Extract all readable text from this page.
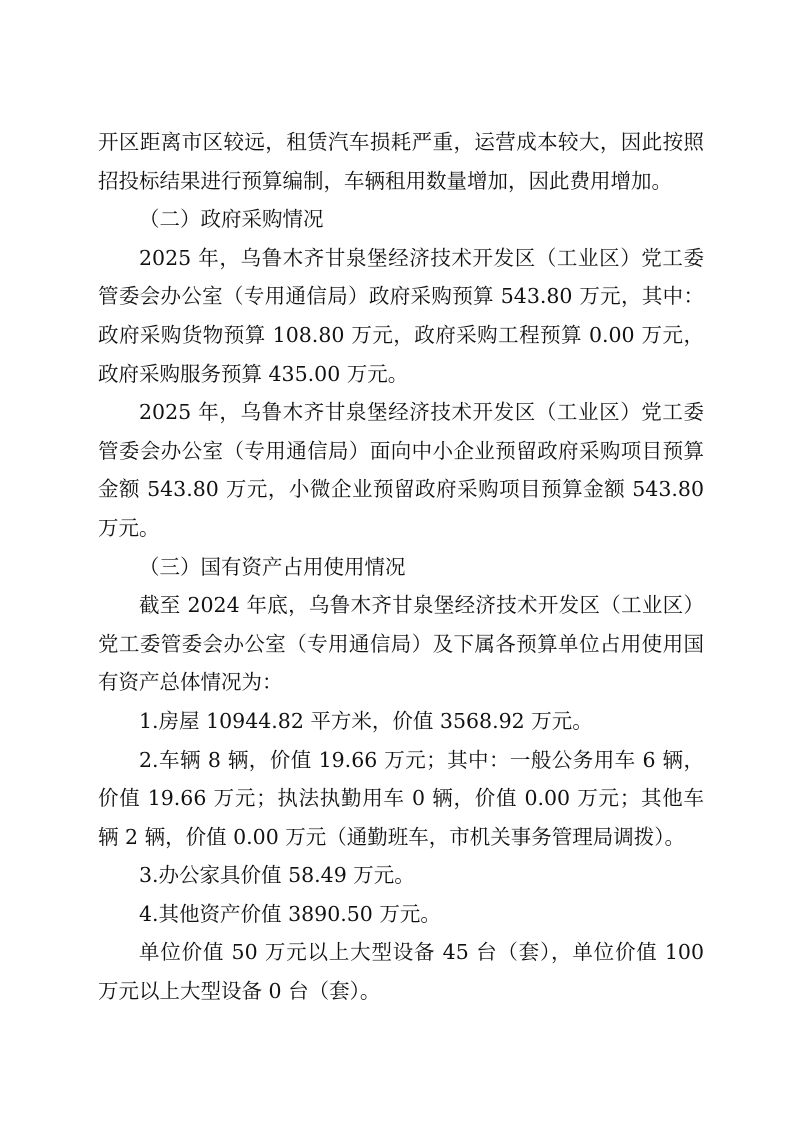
开区距离市区较远，租赁汽车损耗严重，运营成本较大，因此按照招投标结果进行预算编制，车辆租用数量增加，因此费用增加。

（二）政府采购情况

2025 年，乌鲁木齐甘泉堡经济技术开发区（工业区）党工委管委会办公室（专用通信局）政府采购预算 543.80 万元，其中：政府采购货物预算 108.80 万元，政府采购工程预算 0.00 万元，政府采购服务预算 435.00 万元。

2025 年，乌鲁木齐甘泉堡经济技术开发区（工业区）党工委管委会办公室（专用通信局）面向中小企业预留政府采购项目预算金额 543.80 万元，小微企业预留政府采购项目预算金额 543.80 万元。

（三）国有资产占用使用情况

截至 2024 年底，乌鲁木齐甘泉堡经济技术开发区（工业区）党工委管委会办公室（专用通信局）及下属各预算单位占用使用国有资产总体情况为：

1.房屋 10944.82 平方米，价值 3568.92 万元。

2.车辆 8 辆，价值 19.66 万元；其中：一般公务用车 6 辆，价值 19.66 万元；执法执勤用车 0 辆，价值 0.00 万元；其他车辆 2 辆，价值 0.00 万元（通勤班车，市机关事务管理局调拨）。

3.办公家具价值 58.49 万元。

4.其他资产价值 3890.50 万元。

单位价值 50 万元以上大型设备 45 台（套），单位价值 100 万元以上大型设备 0 台（套）。
